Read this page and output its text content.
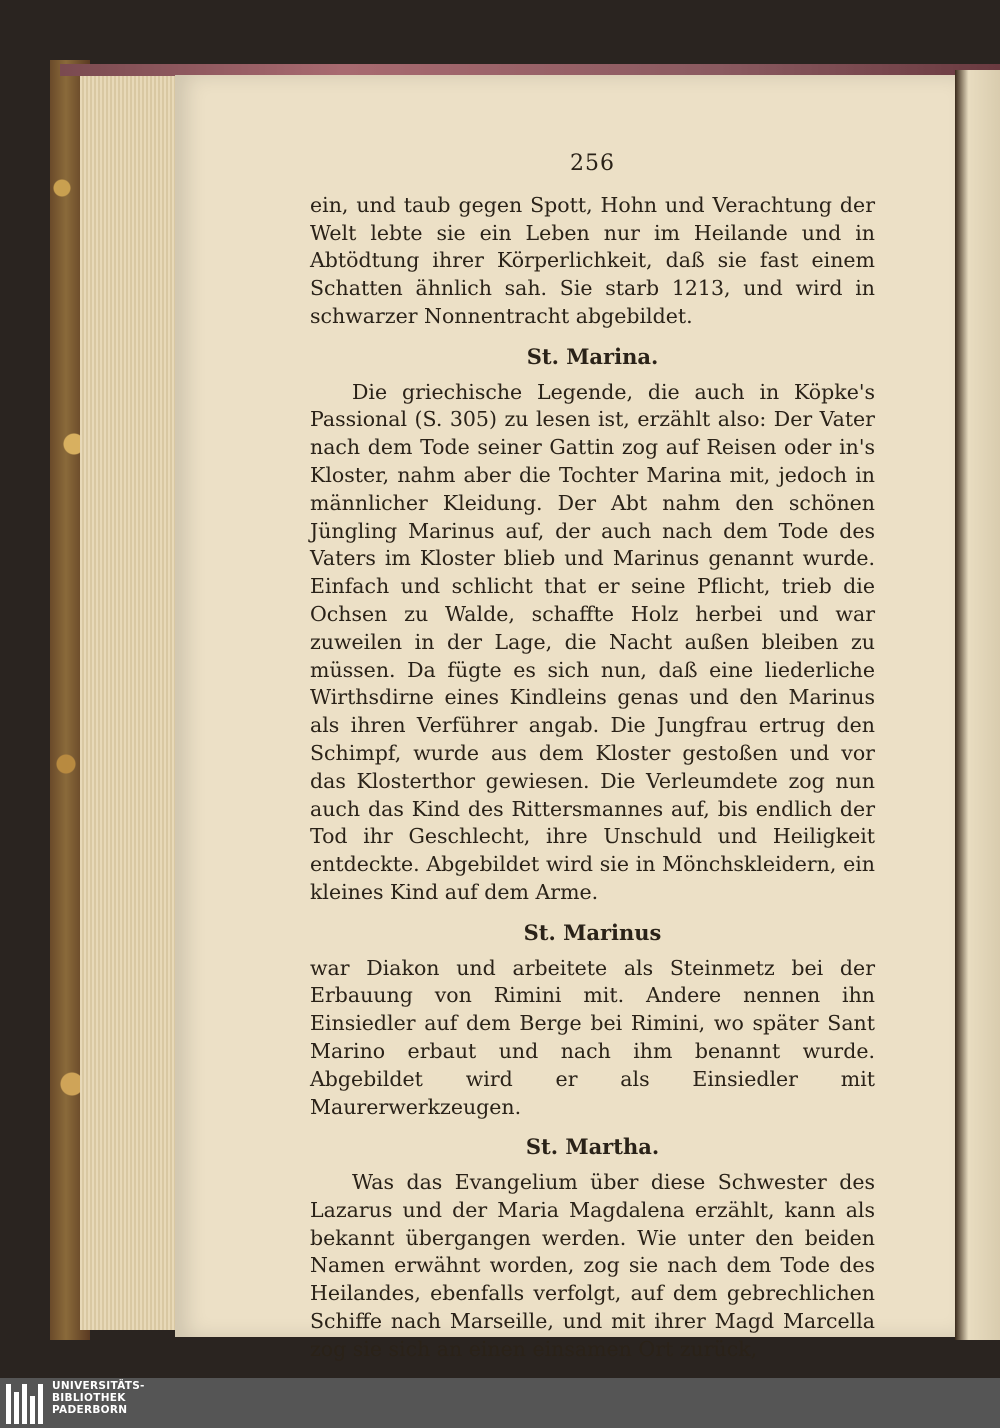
256

ein, und taub gegen Spott, Hohn und Verachtung der Welt lebte sie ein Leben nur im Heilande und in Abtödtung ihrer Körperlichkeit, daß sie fast einem Schatten ähnlich sah. Sie starb 1213, und wird in schwarzer Nonnentracht abgebildet.

St. Marina.

Die griechische Legende, die auch in Köpke's Passional (S. 305) zu lesen ist, erzählt also: Der Vater nach dem Tode seiner Gattin zog auf Reisen oder in's Kloster, nahm aber die Tochter Marina mit, jedoch in männlicher Kleidung. Der Abt nahm den schönen Jüngling Marinus auf, der auch nach dem Tode des Vaters im Kloster blieb und Marinus genannt wurde. Einfach und schlicht that er seine Pflicht, trieb die Ochsen zu Walde, schaffte Holz herbei und war zuweilen in der Lage, die Nacht außen bleiben zu müssen. Da fügte es sich nun, daß eine liederliche Wirthsdirne eines Kindleins genas und den Marinus als ihren Verführer angab. Die Jungfrau ertrug den Schimpf, wurde aus dem Kloster gestoßen und vor das Klosterthor gewiesen. Die Verleumdete zog nun auch das Kind des Rittersmannes auf, bis endlich der Tod ihr Geschlecht, ihre Unschuld und Heiligkeit entdeckte. Abgebildet wird sie in Mönchskleidern, ein kleines Kind auf dem Arme.

St. Marinus

war Diakon und arbeitete als Steinmetz bei der Erbauung von Rimini mit. Andere nennen ihn Einsiedler auf dem Berge bei Rimini, wo später Sant Marino erbaut und nach ihm benannt wurde. Abgebildet wird er als Einsiedler mit Maurerwerkzeugen.

St. Martha.

Was das Evangelium über diese Schwester des Lazarus und der Maria Magdalena erzählt, kann als bekannt übergangen werden. Wie unter den beiden Namen erwähnt worden, zog sie nach dem Tode des Heilandes, ebenfalls verfolgt, auf dem gebrechlichen Schiffe nach Marseille, und mit ihrer Magd Marcella zog sie sich an einen einsamen Ort zurück,

UNIVERSITÄTS-
BIBLIOTHEK
PADERBORN
